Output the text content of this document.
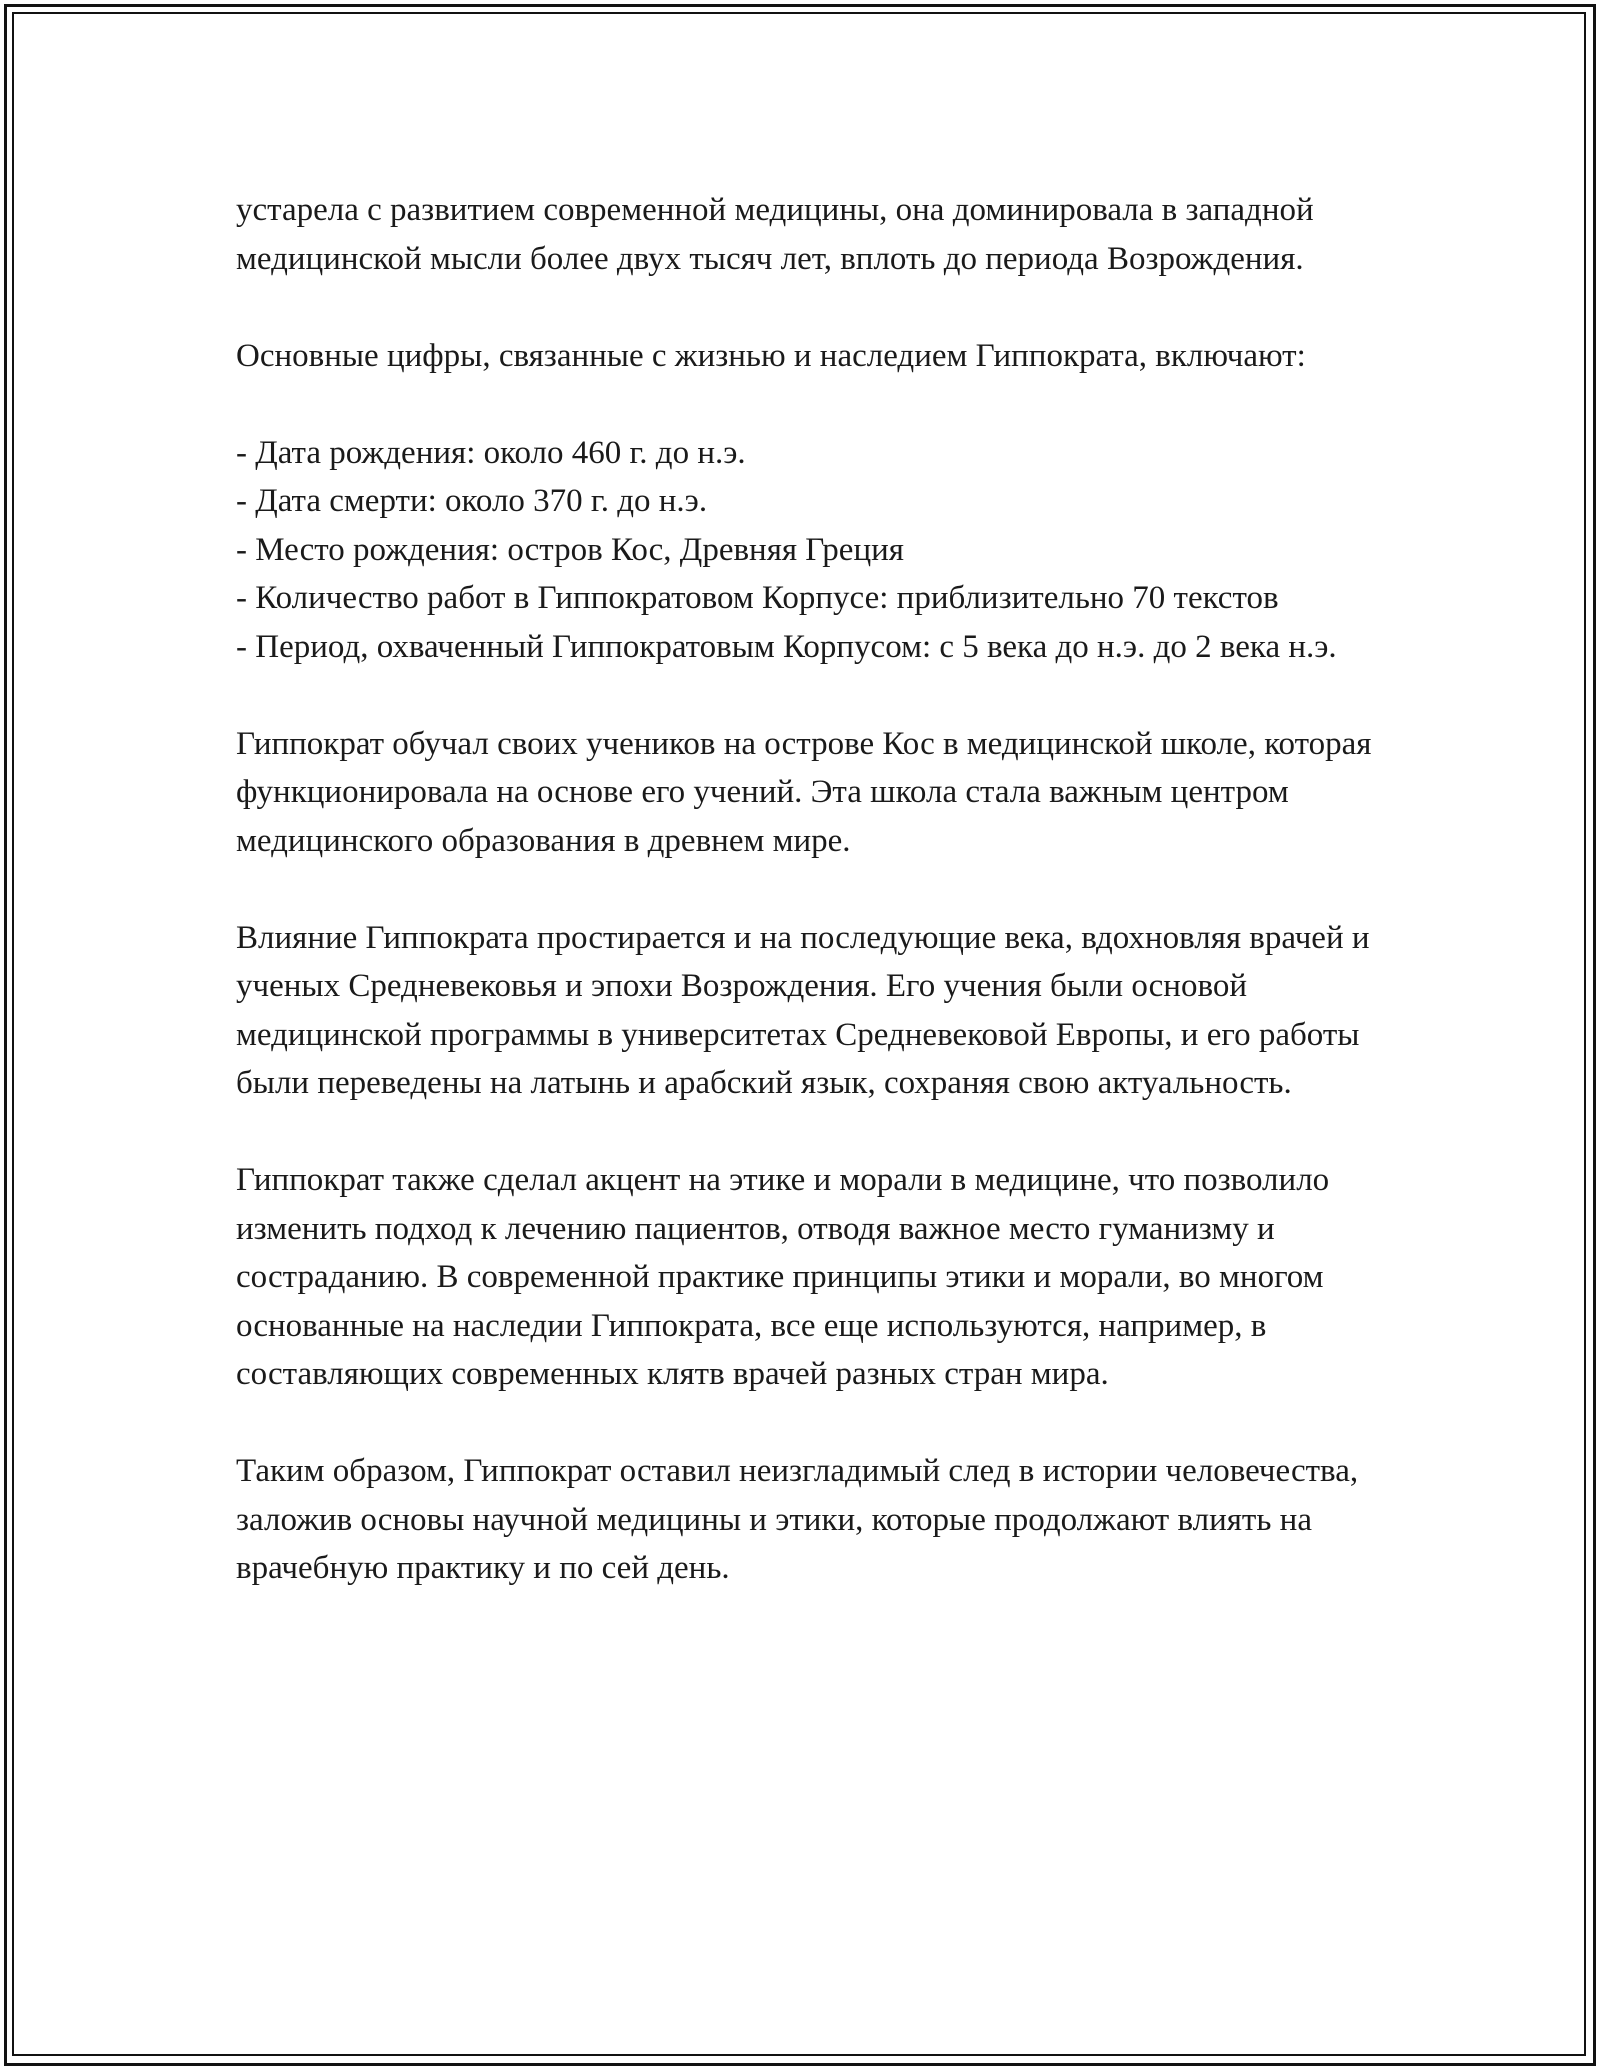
устарела с развитием современной медицины, она доминировала в западной медицинской мысли более двух тысяч лет, вплоть до периода Возрождения.

Основные цифры, связанные с жизнью и наследием Гиппократа, включают:

- Дата рождения: около 460 г. до н.э.
- Дата смерти: около 370 г. до н.э.
- Место рождения: остров Кос, Древняя Греция
- Количество работ в Гиппократовом Корпусе: приблизительно 70 текстов
- Период, охваченный Гиппократовым Корпусом: с 5 века до н.э. до 2 века н.э.

Гиппократ обучал своих учеников на острове Кос в медицинской школе, которая функционировала на основе его учений. Эта школа стала важным центром медицинского образования в древнем мире.

Влияние Гиппократа простирается и на последующие века, вдохновляя врачей и ученых Средневековья и эпохи Возрождения. Его учения были основой медицинской программы в университетах Средневековой Европы, и его работы были переведены на латынь и арабский язык, сохраняя свою актуальность.

Гиппократ также сделал акцент на этике и морали в медицине, что позволило изменить подход к лечению пациентов, отводя важное место гуманизму и состраданию. В современной практике принципы этики и морали, во многом основанные на наследии Гиппократа, все еще используются, например, в составляющих современных клятв врачей разных стран мира.

Таким образом, Гиппократ оставил неизгладимый след в истории человечества, заложив основы научной медицины и этики, которые продолжают влиять на врачебную практику и по сей день.
